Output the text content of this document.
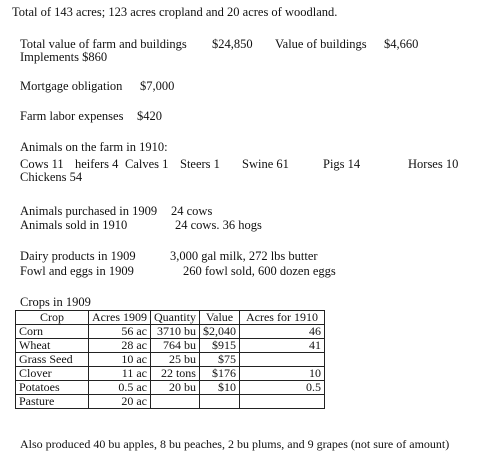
Total of 143 acres; 123 acres cropland and 20 acres of woodland.
Total value of farm and buildings $24,850 Value of buildings $4,660
Implements $860
Mortgage obligation $7,000
Farm labor expenses $420
Animals on the farm in 1910:
Cows 11 heifers 4 Calves 1 Steers 1 Swine 61	Pigs 14	Horses 10
Chickens 54
Animals purchased in 1909 24 cows
Animals sold in 1910	24 cows. 36 hogs
Dairy products in 1909	3,000 gal milk, 272 lbs butter
Fowl and eggs in 1909	260 fowl sold, 600 dozen eggs
Crops in 1909
Crop	Acres 1909	Quantity	Value	Acres for 1910
Corn	56 ac	3710 bu	$2,040	46
Wheat	28 ac	764 bu	$915	41
Grass Seed	10 ac	25 bu	$75	
Clover	11 ac	22 tons	$176	10
Potatoes	0.5 ac	20 bu	$10	0.5
Pasture	20 ac			
Also produced 40 bu apples, 8 bu peaches, 2 bu plums, and 9 grapes (not sure of amount)
